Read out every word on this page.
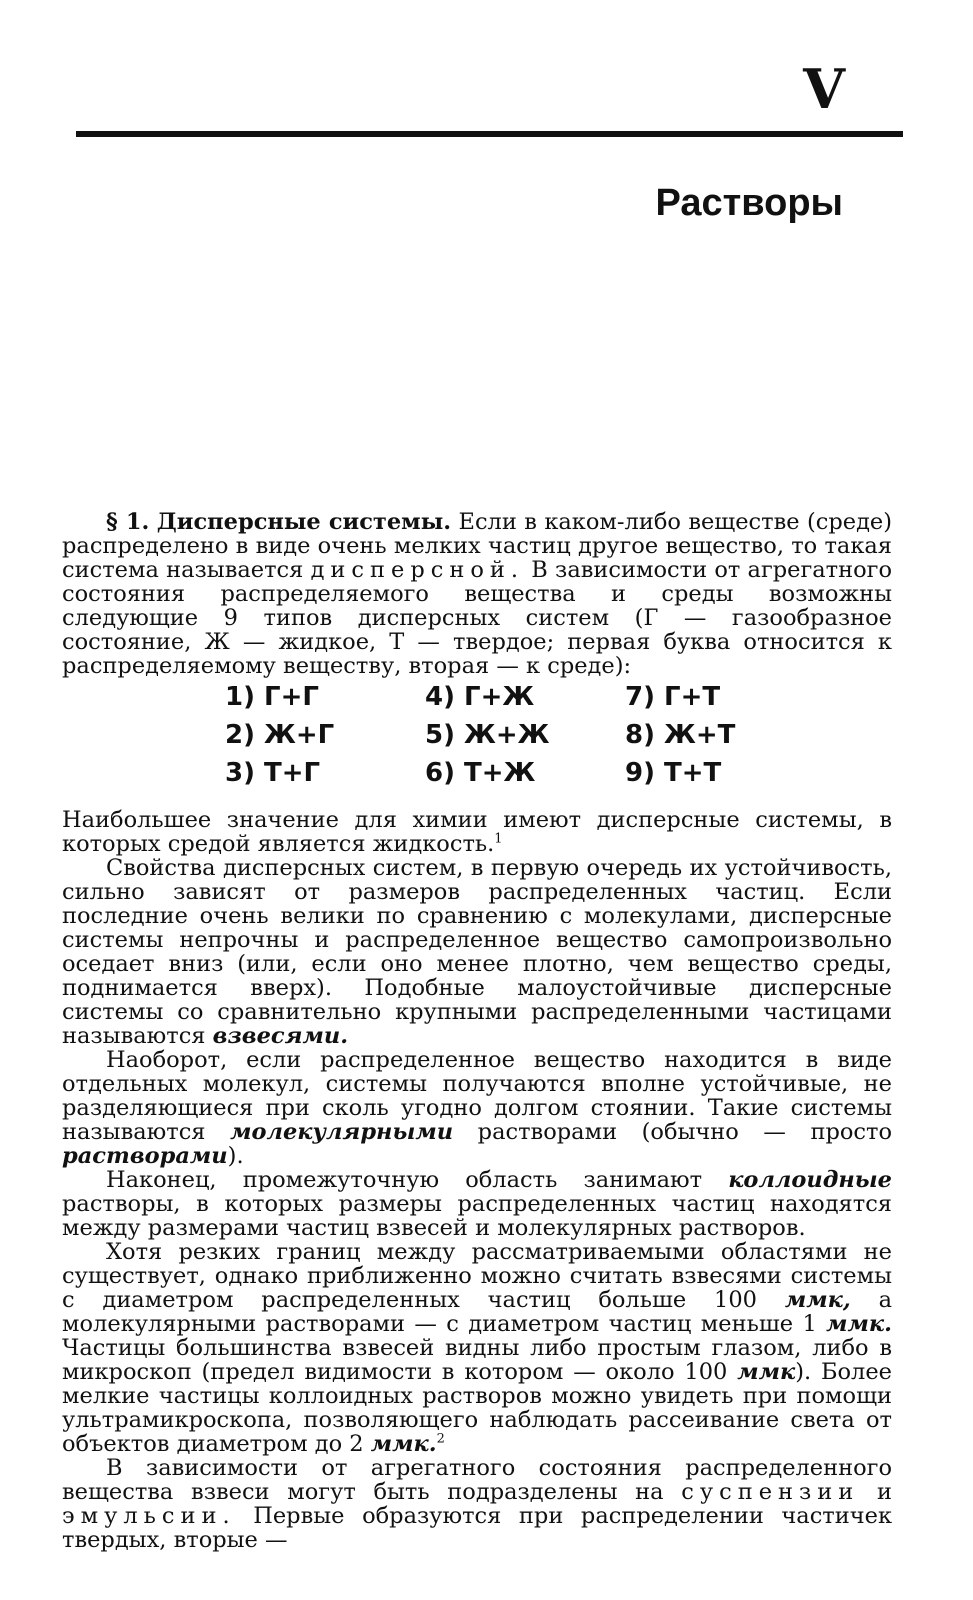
V
Растворы

§ 1. Дисперсные системы. Если в каком-либо веществе (среде) распределено в виде очень мелких частиц другое вещество, то такая система называется дисперсной. В зависимости от агрегатного состояния распределяемого вещества и среды возможны следующие 9 типов дисперсных систем (Г — газообразное состояние, Ж — жидкое, Т — твердое; первая буква относится к распределяемому веществу, вторая — к среде):

1) Г+Г	4) Г+Ж	7) Г+Т
2) Ж+Г	5) Ж+Ж	8) Ж+Т
3) Т+Г	6) Т+Ж	9) Т+Т

Наибольшее значение для химии имеют дисперсные системы, в которых средой является жидкость.$^1$

Свойства дисперсных систем, в первую очередь их устойчивость, сильно зависят от размеров распределенных частиц. Если последние очень велики по сравнению с молекулами, дисперсные системы непрочны и распределенное вещество самопроизвольно оседает вниз (или, если оно менее плотно, чем вещество среды, поднимается вверх). Подобные малоустойчивые дисперсные системы со сравнительно крупными распределенными частицами называются взвесями.

Наоборот, если распределенное вещество находится в виде отдельных молекул, системы получаются вполне устойчивые, не разделяющиеся при сколь угодно долгом стоянии. Такие системы называются молекулярными растворами (обычно — просто растворами).

Наконец, промежуточную область занимают коллоидные растворы, в которых размеры распределенных частиц находятся между размерами частиц взвесей и молекулярных растворов.

Хотя резких границ между рассматриваемыми областями не существует, однако приближенно можно считать взвесями системы с диаметром распределенных частиц больше 100 ммк, а молекулярными растворами — с диаметром частиц меньше 1 ммк. Частицы большинства взвесей видны либо простым глазом, либо в микроскоп (предел видимости в котором — около 100 ммк). Более мелкие частицы коллоидных растворов можно увидеть при помощи ультрамикроскопа, позволяющего наблюдать рассеивание света от объектов диаметром до 2 ммк.$^2$

В зависимости от агрегатного состояния распределенного вещества взвеси могут быть подразделены на суспензии и эмульсии. Первые образуются при распределении частичек твердых, вторые —
